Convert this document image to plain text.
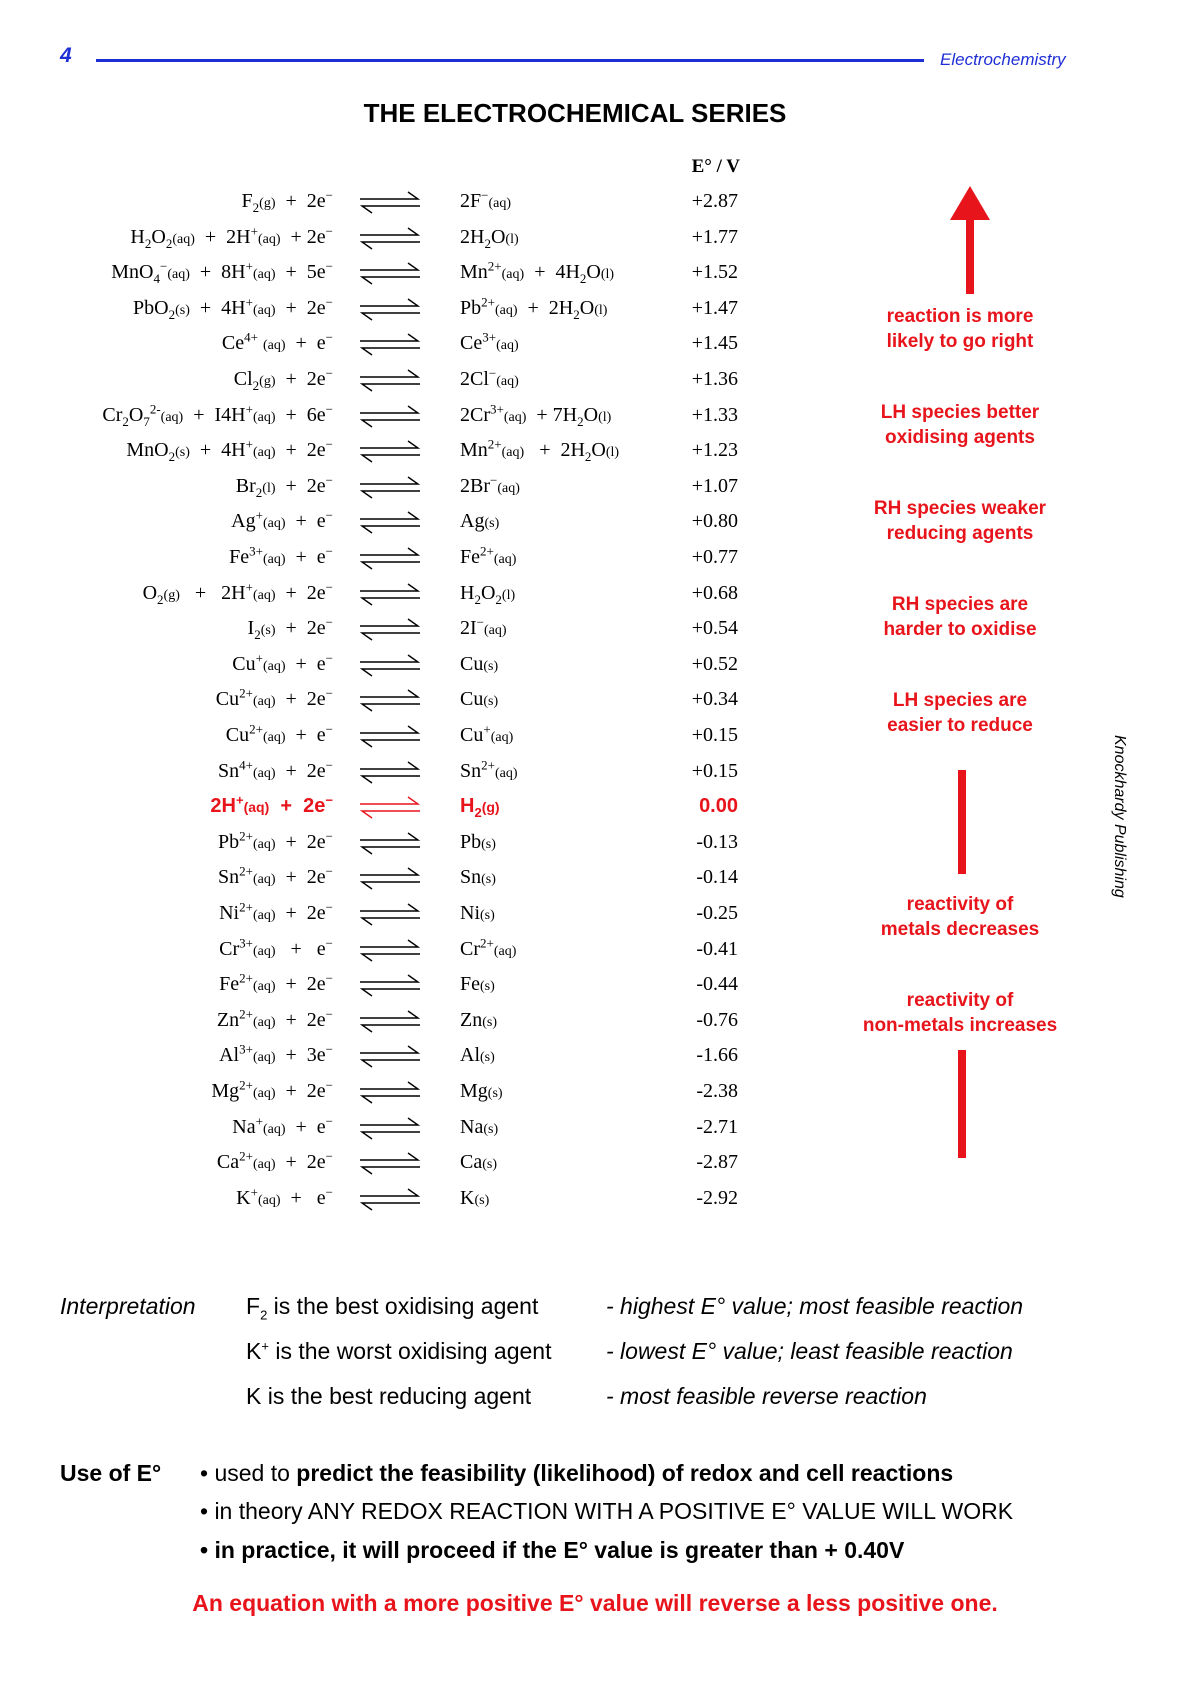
4	Electrochemistry
THE ELECTROCHEMICAL SERIES
E° / V
$F_2(g) + 2e^-$ ⇌ 2F−(aq)	+2.87
$H_2O_2(aq) + 2H^+(aq) + 2e^-$ ⇌ $2H_2O(l)$	+1.77
MnO$_4$−(aq)  +  8H+(aq)  +  5e− ⇌ $Mn^{2+}(aq) + 4H_2O(l)$	+1.52
PbO$_2$(s)  +  4H+(aq)  +  2e− ⇌ $Pb^{2+}(aq) + 2H_2O(l)$	+1.47
$Ce^{4+}$ (aq)  +  e− ⇌ $Ce^{3+}(aq)$	+1.45
$Cl_2(g) + 2e^-$ ⇌ 2Cl−(aq)	+1.36
$Cr_2O_7^{2-}(aq) + I4H^+(aq) + 6e^-$ ⇌ $2Cr^{3+}(aq) + 7H_2O(l)$	+1.33
MnO$_2$(s)  +  4H+(aq)  +  2e− ⇌ $Mn^{2+}(aq) + 2H_2O(l)$	+1.23
$Br_2(l) + 2e^-$ ⇌ 2Br−(aq)	+1.07
Ag+(aq)  +  e− ⇌ Ag(s)	+0.80
$Fe^{3+}(aq) + e^-$ ⇌ $Fe^{2+}(aq)$	+0.77
$O_2(g) + 2H^+(aq) + 2e^-$ ⇌ $H_2O_2(l)$	+0.68
$I_2(s) + 2e^-$ ⇌ 2I−(aq)	+0.54
Cu+(aq)  +  e− ⇌ Cu(s)	+0.52
$Cu^{2+}(aq) + 2e^-$ ⇌ Cu(s)	+0.34
$Cu^{2+}(aq) + e^-$ ⇌ Cu+(aq)	+0.15
$Sn^{4+}(aq) + 2e^-$ ⇌ $Sn^{2+}(aq)$	+0.15
2H+(aq)  +  2e− ⇌ $H_2(g)$	0.00
$Pb^{2+}(aq) + 2e^-$ ⇌ Pb(s)	-0.13
$Sn^{2+}(aq) + 2e^-$ ⇌ Sn(s)	-0.14
$Ni^{2+}(aq) + 2e^-$ ⇌ Ni(s)	-0.25
$Cr^{3+}(aq) + e^-$ ⇌ $Cr^{2+}(aq)$	-0.41
$Fe^{2+}(aq) + 2e^-$ ⇌ Fe(s)	-0.44
$Zn^{2+}(aq) + 2e^-$ ⇌ Zn(s)	-0.76
$Al^{3+}(aq) + 3e^-$ ⇌ Al(s)	-1.66
$Mg^{2+}(aq) + 2e^-$ ⇌ Mg(s)	-2.38
Na+(aq)  +  e− ⇌ Na(s)	-2.71
$Ca^{2+}(aq) + 2e^-$ ⇌ Ca(s)	-2.87
K+(aq)  +   e− ⇌ K(s)	-2.92
reaction is more
likely to go right
LH species better
oxidising agents
RH species weaker
reducing agents
RH species are
harder to oxidise
LH species are
easier to reduce
reactivity of
metals decreases
reactivity of
non-metals increases
Knockhardy Publishing
Interpretation $F_2$ is the best oxidising agent	- highest E° value; most feasible reaction
K+ is the worst oxidising agent - lowest E° value; least feasible reaction
K is the best reducing agent	- most feasible reverse reaction
Use of E° • used to predict the feasibility (likelihood) of redox and cell reactions
• in theory ANY REDOX REACTION WITH A POSITIVE E° VALUE WILL WORK
• in practice, it will proceed if the E° value is greater than + 0.40V
An equation with a more positive E° value will reverse a less positive one.
